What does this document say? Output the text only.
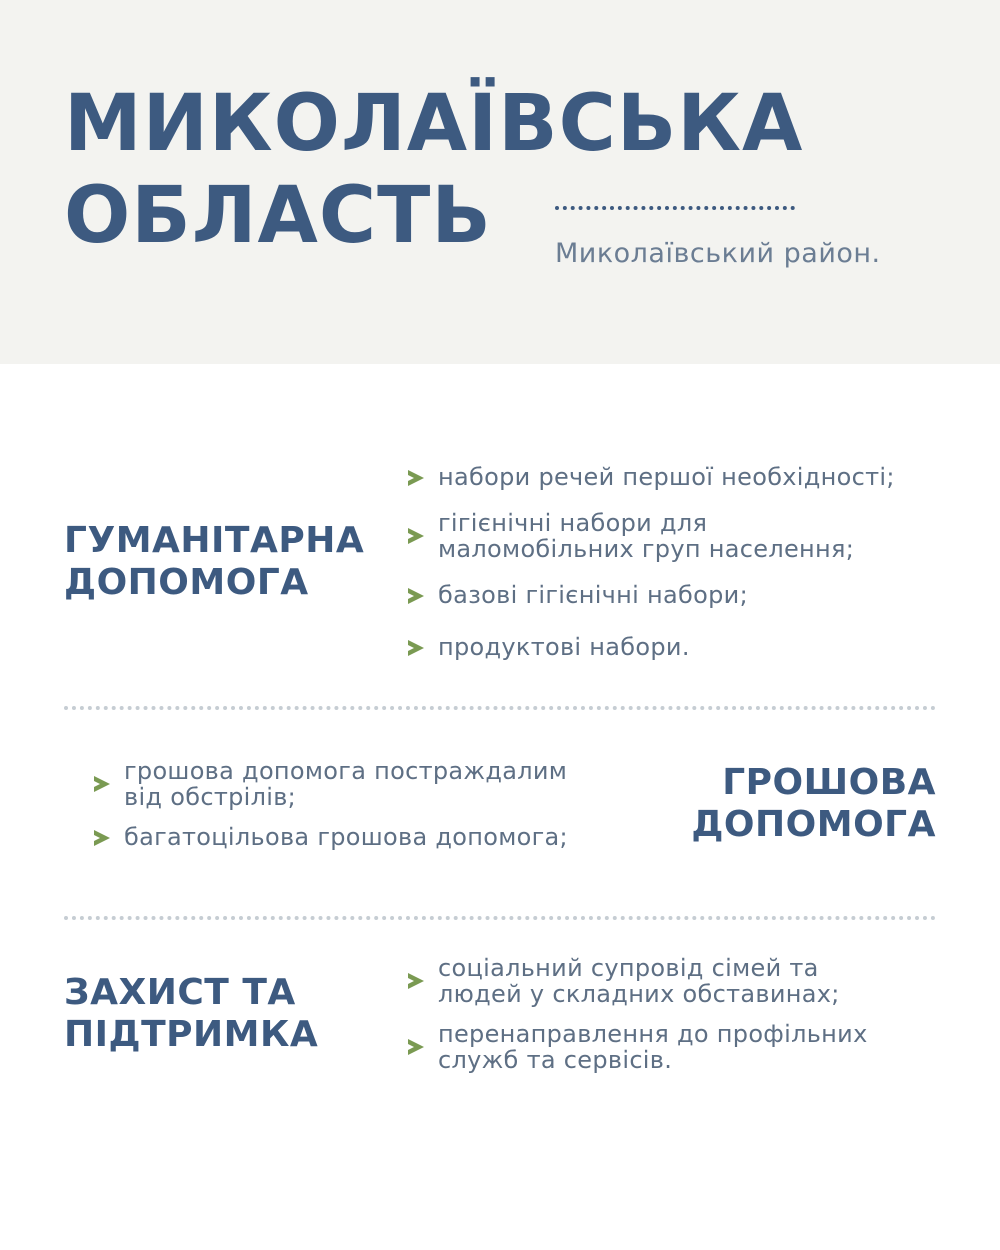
МИКОЛАЇВСЬКА
ОБЛАСТЬ	Миколаївський район.
ГУМАНІТАРНА
ДОПОМОГА
набори речей першої необхідності;
гігієнічні набори для
маломобільних груп населення;
базові гігієнічні набори;
продуктові набори.
грошова допомога постраждалим
від обстрілів;
багатоцільова грошова допомога;
ГРОШОВА
ДОПОМОГА
ЗАХИСТ ТА
ПІДТРИМКА
соціальний супровід сімей та
людей у складних обставинах;
перенаправлення до профільних
служб та сервісів.
